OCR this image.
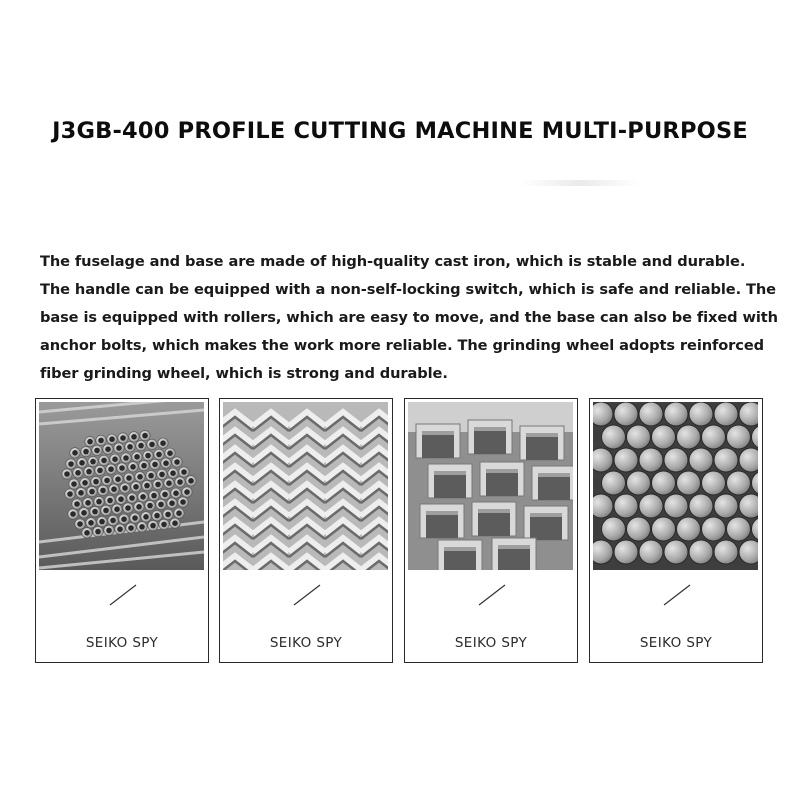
J3GB-400 PROFILE CUTTING MACHINE MULTI-PURPOSE
The fuselage and base are made of high-quality cast iron, which is stable and durable. The handle can be equipped with a non-self-locking switch, which is safe and reliable. The base is equipped with rollers, which are easy to move, and the base can also be fixed with anchor bolts, which makes the work more reliable. The grinding wheel adopts reinforced fiber grinding wheel, which is strong and durable.
SEIKO SPY	SEIKO SPY	SEIKO SPY	SEIKO SPY
